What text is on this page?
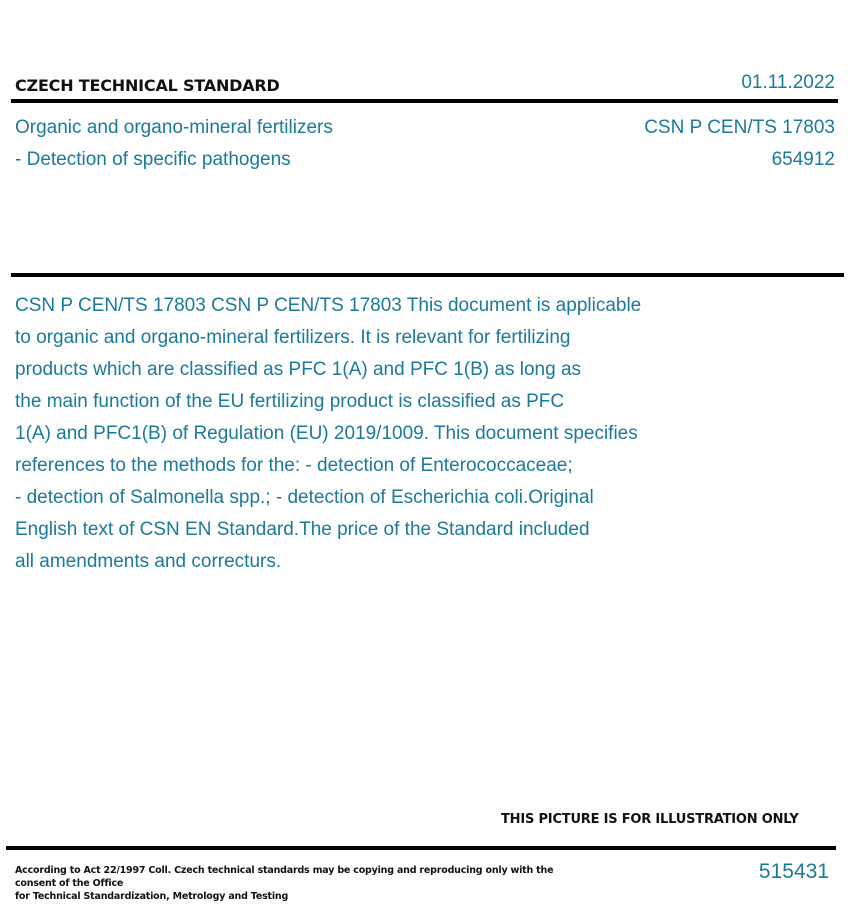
CZECH TECHNICAL STANDARD	01.11.2022
Organic and organo-mineral fertilizers
- Detection of specific pathogens
CSN P CEN/TS 17803
654912
CSN P CEN/TS 17803 CSN P CEN/TS 17803 This document is applicable
to organic and organo-mineral fertilizers. It is relevant for fertilizing
products which are classified as PFC 1(A) and PFC 1(B) as long as
the main function of the EU fertilizing product is classified as PFC
1(A) and PFC1(B) of Regulation (EU) 2019/1009. This document specifies
references to the methods for the: - detection of Enterococcaceae;
- detection of Salmonella spp.; - detection of Escherichia coli.Original
English text of CSN EN Standard.The price of the Standard included
all amendments and correcturs.
THIS PICTURE IS FOR ILLUSTRATION ONLY
According to Act 22/1997 Coll. Czech technical standards may be copying and reproducing only with the consent of the Office
for Technical Standardization, Metrology and Testing
515431
